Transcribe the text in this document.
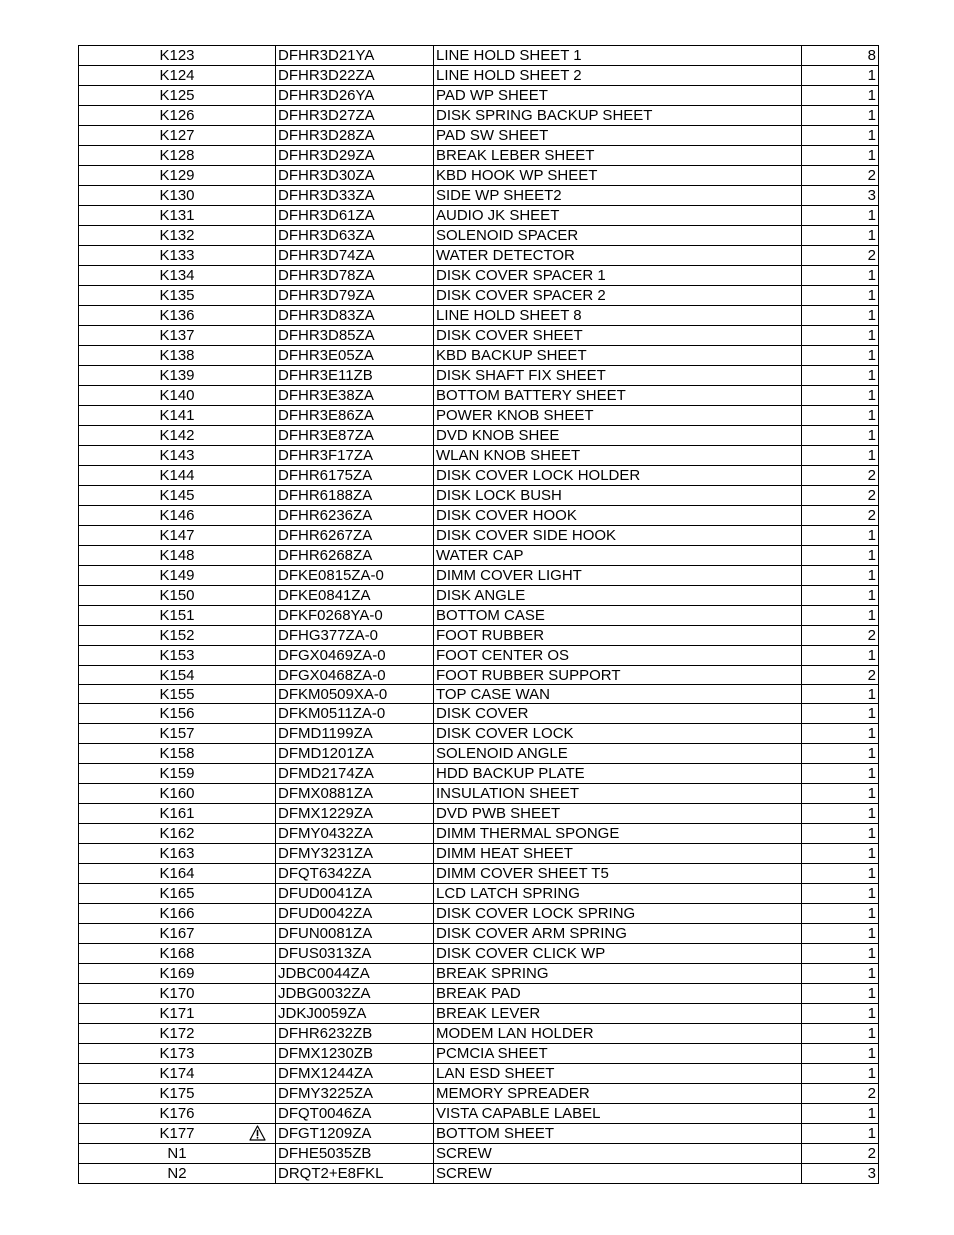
K123	DFHR3D21YA	LINE HOLD SHEET 1	8
K124	DFHR3D22ZA	LINE HOLD SHEET 2	1
K125	DFHR3D26YA	PAD WP SHEET	1
K126	DFHR3D27ZA	DISK SPRING BACKUP SHEET	1
K127	DFHR3D28ZA	PAD SW SHEET	1
K128	DFHR3D29ZA	BREAK LEBER SHEET	1
K129	DFHR3D30ZA	KBD HOOK WP SHEET	2
K130	DFHR3D33ZA	SIDE WP SHEET2	3
K131	DFHR3D61ZA	AUDIO JK SHEET	1
K132	DFHR3D63ZA	SOLENOID SPACER	1
K133	DFHR3D74ZA	WATER DETECTOR	2
K134	DFHR3D78ZA	DISK COVER SPACER 1	1
K135	DFHR3D79ZA	DISK COVER SPACER 2	1
K136	DFHR3D83ZA	LINE HOLD SHEET 8	1
K137	DFHR3D85ZA	DISK COVER SHEET	1
K138	DFHR3E05ZA	KBD BACKUP SHEET	1
K139	DFHR3E11ZB	DISK SHAFT FIX SHEET	1
K140	DFHR3E38ZA	BOTTOM BATTERY SHEET	1
K141	DFHR3E86ZA	POWER KNOB SHEET	1
K142	DFHR3E87ZA	DVD KNOB SHEE	1
K143	DFHR3F17ZA	WLAN KNOB SHEET	1
K144	DFHR6175ZA	DISK COVER LOCK HOLDER	2
K145	DFHR6188ZA	DISK LOCK BUSH	2
K146	DFHR6236ZA	DISK COVER HOOK	2
K147	DFHR6267ZA	DISK COVER SIDE HOOK	1
K148	DFHR6268ZA	WATER CAP	1
K149	DFKE0815ZA-0	DIMM COVER LIGHT	1
K150	DFKE0841ZA	DISK ANGLE	1
K151	DFKF0268YA-0	BOTTOM CASE	1
K152	DFHG377ZA-0	FOOT RUBBER	2
K153	DFGX0469ZA-0	FOOT CENTER OS	1
K154	DFGX0468ZA-0	FOOT RUBBER SUPPORT	2
K155	DFKM0509XA-0	TOP CASE WAN	1
K156	DFKM0511ZA-0	DISK COVER	1
K157	DFMD1199ZA	DISK COVER LOCK	1
K158	DFMD1201ZA	SOLENOID ANGLE	1
K159	DFMD2174ZA	HDD BACKUP PLATE	1
K160	DFMX0881ZA	INSULATION SHEET	1
K161	DFMX1229ZA	DVD PWB SHEET	1
K162	DFMY0432ZA	DIMM THERMAL SPONGE	1
K163	DFMY3231ZA	DIMM HEAT SHEET	1
K164	DFQT6342ZA	DIMM COVER SHEET T5	1
K165	DFUD0041ZA	LCD LATCH SPRING	1
K166	DFUD0042ZA	DISK COVER LOCK SPRING	1
K167	DFUN0081ZA	DISK COVER ARM SPRING	1
K168	DFUS0313ZA	DISK COVER CLICK WP	1
K169	JDBC0044ZA	BREAK SPRING	1
K170	JDBG0032ZA	BREAK PAD	1
K171	JDKJ0059ZA	BREAK LEVER	1
K172	DFHR6232ZB	MODEM LAN HOLDER	1
K173	DFMX1230ZB	PCMCIA SHEET	1
K174	DFMX1244ZA	LAN ESD SHEET	1
K175	DFMY3225ZA	MEMORY SPREADER	2
K176	DFQT0046ZA	VISTA CAPABLE LABEL	1
K177	DFGT1209ZA	BOTTOM SHEET	1
N1	DFHE5035ZB	SCREW	2
N2	DRQT2+E8FKL	SCREW	3
